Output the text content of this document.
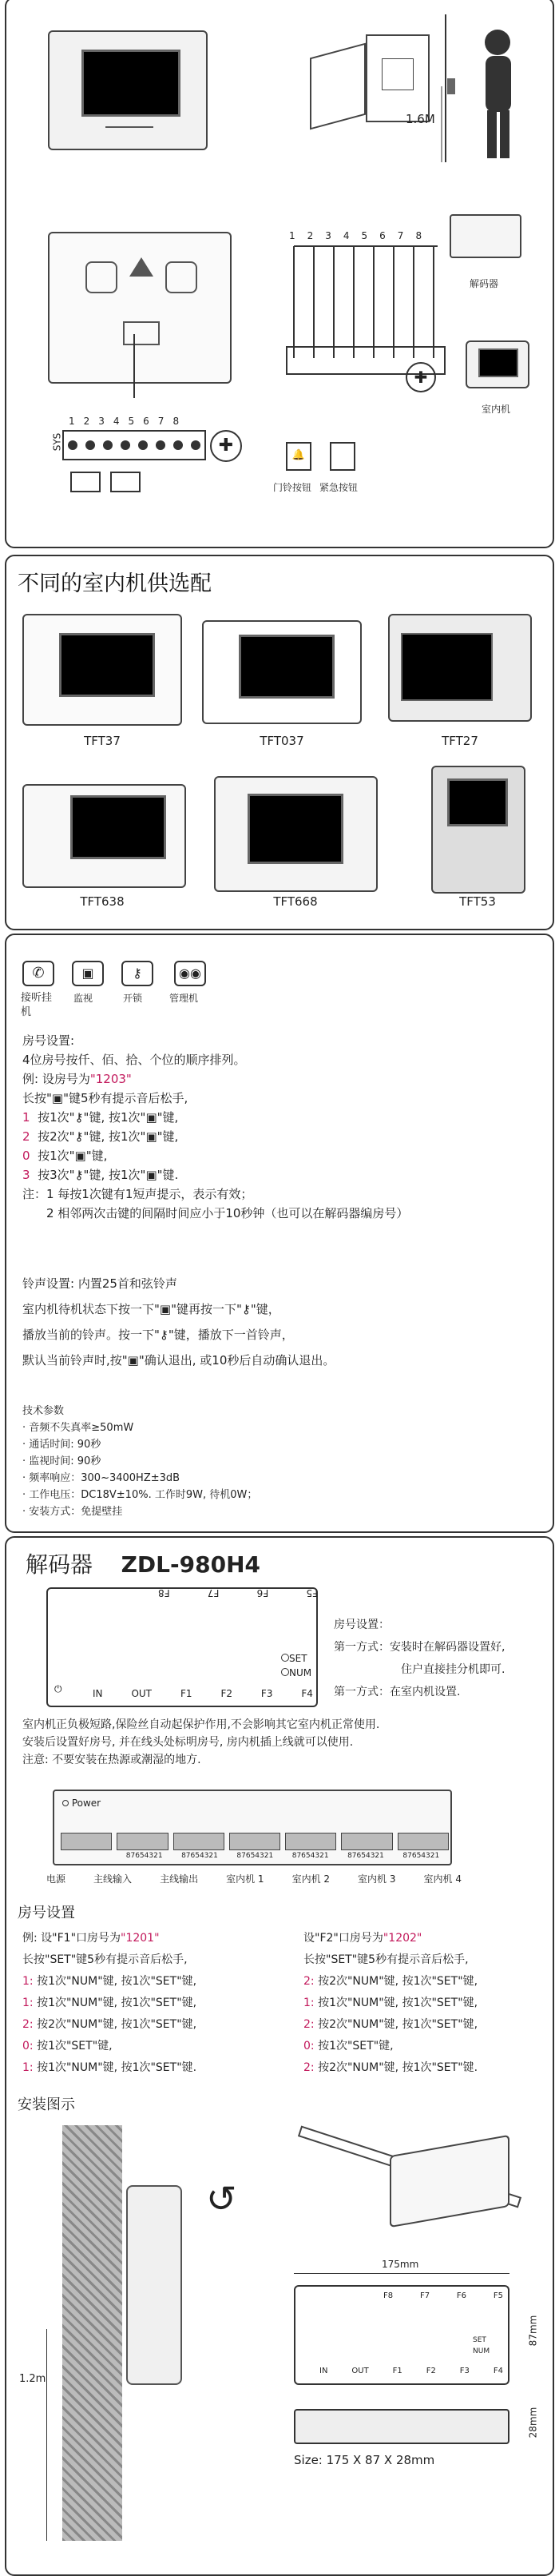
1.6M
12345678
SYS	✚
12345678
解码器
✚
室内机
🔔
门铃按钮 紧急按钮
不同的室内机供选配
TFT37	TFT037	TFT27
TFT638	TFT668	TFT53
✆
接听挂机
▣
监视
⚷
开锁
◉◉
管理机
房号设置:
4位房号按仟、佰、拾、个位的顺序排列。
例: 设房号为"1203"
长按"▣"键5秒有提示音后松手,
1 按1次"⚷"键, 按1次"▣"键,
2 按2次"⚷"键, 按1次"▣"键,
0 按1次"▣"键,
3 按3次"⚷"键, 按1次"▣"键.
注：1 每按1次键有1短声提示，表示有效；
2 相邻两次击键的间隔时间应小于10秒钟（也可以在解码器编房号）
铃声设置: 内置25首和弦铃声
室内机待机状态下按一下"▣"键再按一下"⚷"键，
播放当前的铃声。按一下"⚷"键，播放下一首铃声，
默认当前铃声时,按"▣"确认退出, 或10秒后自动确认退出。
技术参数
· 音频不失真率≥50mW
· 通话时间: 90秒
· 监视时间: 90秒
· 频率响应：300~3400HZ±3dB
· 工作电压：DC18V±10%. 工作时9W, 待机0W；
· 安装方式：免提壁挂
解码器 ZDL-980H4
F5
F6
F7
F8
⏻	IN	OUT	F1	F2	F3	F4
SET
NUM
房号设置：
第一方式：安装时在解码器设置好,
住户直接挂分机即可.
第一方式：在室内机设置.
室内机正负极短路,保险丝自动起保护作用,不会影响其它室内机正常使用.
安装后设置好房号, 并在线头处标明房号, 房内机插上线就可以使用.
注意: 不要安装在热源或潮湿的地方.
Power
87654321	87654321	87654321	87654321	87654321	87654321
电源	主线输入	主线输出	室内机 1	室内机 2	室内机 3	室内机 4
房号设置
例: 设"F1"口房号为"1201"
长按"SET"键5秒有提示音后松手,
1: 按1次"NUM"键, 按1次"SET"键,
1: 按1次"NUM"键, 按1次"SET"键,
2: 按2次"NUM"键, 按1次"SET"键,
0: 按1次"SET"键,
1: 按1次"NUM"键, 按1次"SET"键.
设"F2"口房号为"1202"
长按"SET"键5秒有提示音后松手,
2: 按2次"NUM"键, 按1次"SET"键,
1: 按1次"NUM"键, 按1次"SET"键,
2: 按2次"NUM"键, 按1次"SET"键,
0: 按1次"SET"键,
2: 按2次"NUM"键, 按1次"SET"键.
安装图示
↺
1.2m
175mm
IN	OUT	F1	F2	F3	F4
F8	F7	F6	F5
SET
NUM
87mm
28mm
Size: 175 X 87 X 28mm
